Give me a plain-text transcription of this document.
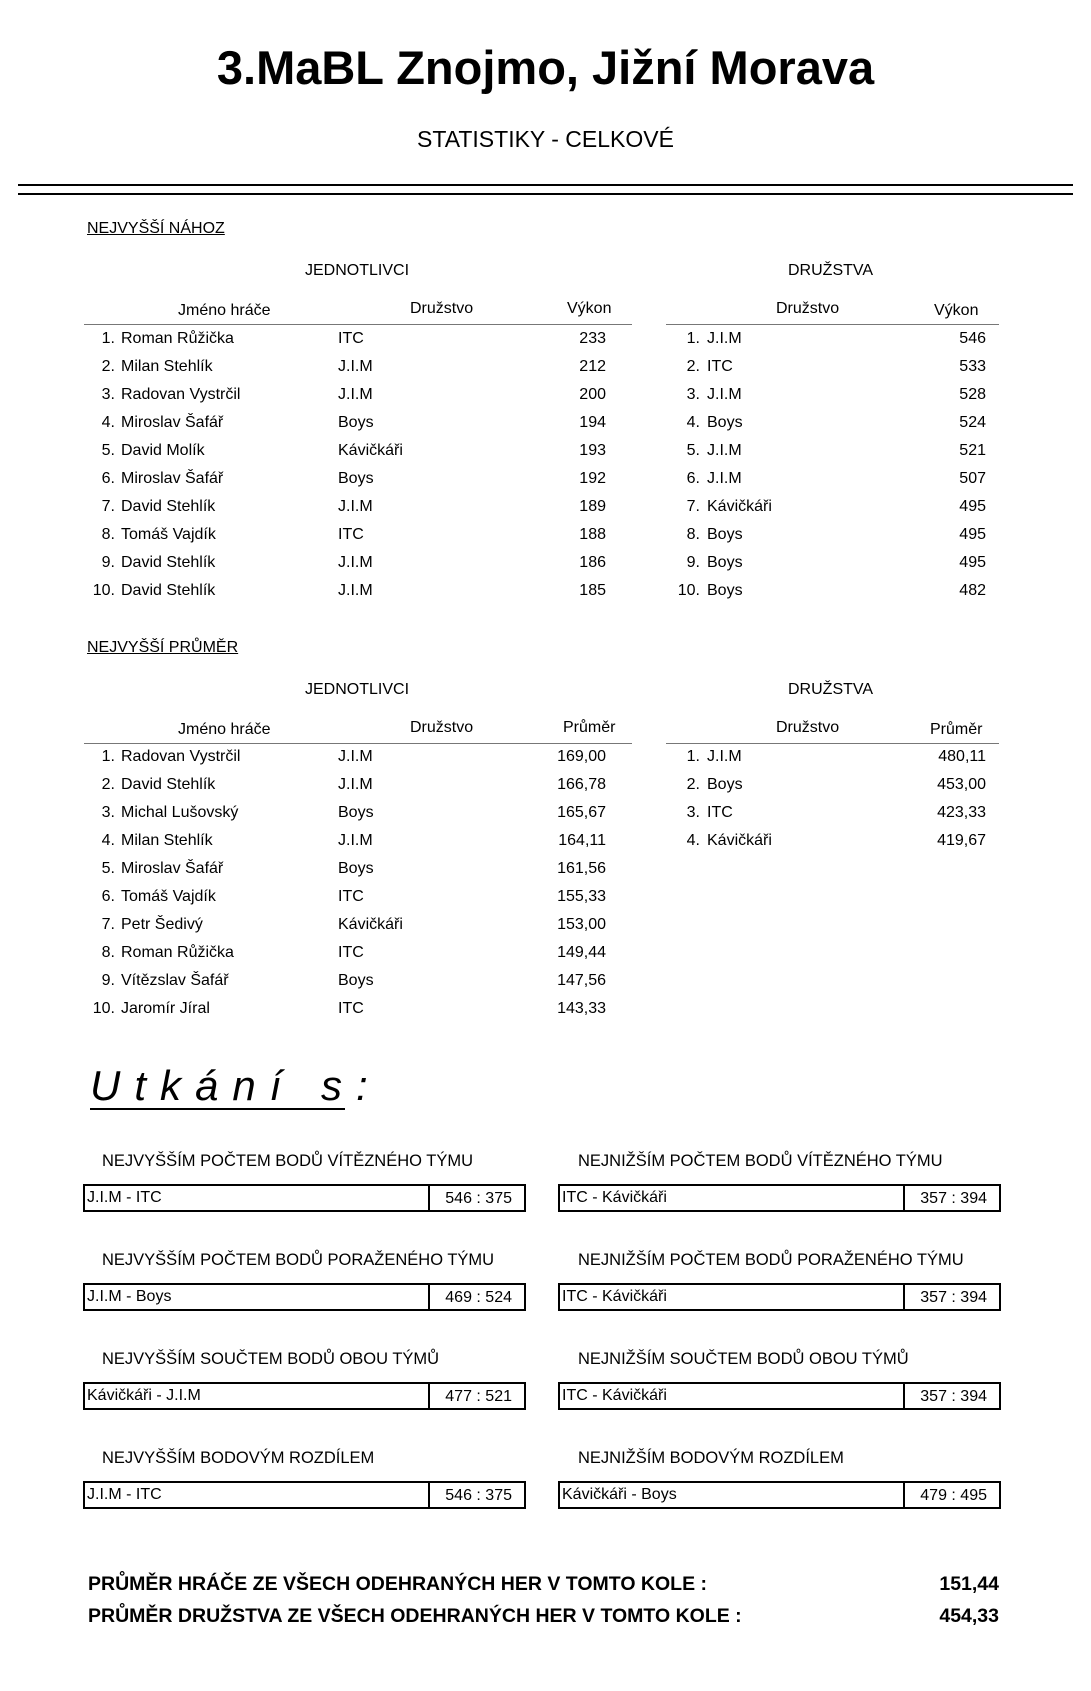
3.MaBL Znojmo, Jižní Morava
STATISTIKY - CELKOVÉ
NEJVYŠŠÍ NÁHOZ
JEDNOTLIVCI	DRUŽSTVA
Jméno hráče	Družstvo	Výkon	Družstvo	Výkon
1. Roman Růžička	ITC	233
2. Milan Stehlík	J.I.M	212
3. Radovan Vystrčil	J.I.M	200
4. Miroslav Šafář	Boys	194
5. David Molík	Kávičkáři	193
6. Miroslav Šafář	Boys	192
7. David Stehlík	J.I.M	189
8. Tomáš Vajdík	ITC	188
9. David Stehlík	J.I.M	186
10. David Stehlík	J.I.M	185
1. J.I.M	546
2. ITC	533
3. J.I.M	528
4. Boys	524
5. J.I.M	521
6. J.I.M	507
7. Kávičkáři	495
8. Boys	495
9. Boys	495
10. Boys	482
NEJVYŠŠÍ PRŮMĚR
JEDNOTLIVCI	DRUŽSTVA
Jméno hráče	Družstvo	Průměr	Družstvo	Průměr
1. Radovan Vystrčil	J.I.M	169,00
2. David Stehlík	J.I.M	166,78
3. Michal Lušovský	Boys	165,67
4. Milan Stehlík	J.I.M	164,11
5. Miroslav Šafář	Boys	161,56
6. Tomáš Vajdík	ITC	155,33
7. Petr Šedivý	Kávičkáři	153,00
8. Roman Růžička	ITC	149,44
9. Vítězslav Šafář	Boys	147,56
10. Jaromír Jíral	ITC	143,33
1. J.I.M	480,11
2. Boys	453,00
3. ITC	423,33
4. Kávičkáři	419,67
Utkání s:
NEJVYŠŠÍM POČTEM BODŮ VÍTĚZNÉHO TÝMU
J.I.M - ITC	546 : 375
NEJNIŽŠÍM POČTEM BODŮ VÍTĚZNÉHO TÝMU
ITC - Kávičkáři	357 : 394
NEJVYŠŠÍM POČTEM BODŮ PORAŽENÉHO TÝMU
J.I.M - Boys	469 : 524
NEJNIŽŠÍM POČTEM BODŮ PORAŽENÉHO TÝMU
ITC - Kávičkáři	357 : 394
NEJVYŠŠÍM SOUČTEM BODŮ OBOU TÝMŮ
Kávičkáři - J.I.M	477 : 521
NEJNIŽŠÍM SOUČTEM BODŮ OBOU TÝMŮ
ITC - Kávičkáři	357 : 394
NEJVYŠŠÍM BODOVÝM ROZDÍLEM
J.I.M - ITC	546 : 375
NEJNIŽŠÍM BODOVÝM ROZDÍLEM
Kávičkáři - Boys	479 : 495
PRŮMĚR HRÁČE ZE VŠECH ODEHRANÝCH HER V TOMTO KOLE :	151,44
PRŮMĚR DRUŽSTVA ZE VŠECH ODEHRANÝCH HER V TOMTO KOLE :	454,33
